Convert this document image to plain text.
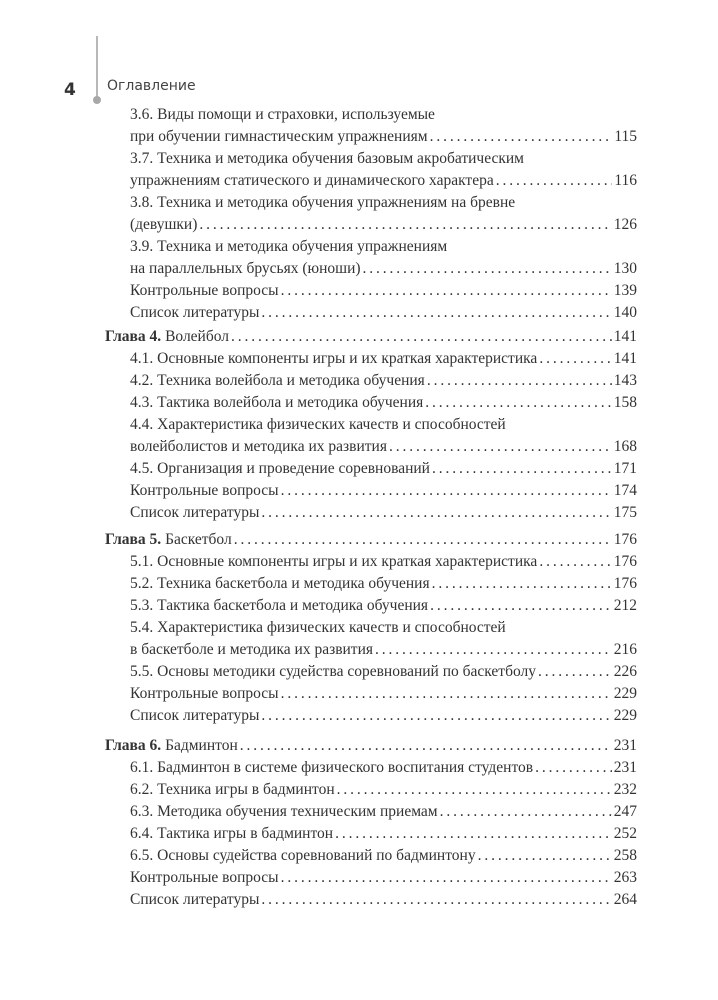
4 Оглавление
3.6. Виды помощи и страховки, используемые
при обучении гимнастическим упражнениям . . .	115
3.7. Техника и методика обучения базовым акробатическим
упражнениям статического и динамического характера . . .	116
3.8. Техника и методика обучения упражнениям на бревне
(девушки) . . .	126
3.9. Техника и методика обучения упражнениям
на параллельных брусьях (юноши) . . .	130
Контрольные вопросы . . .	139
Список литературы . . .	140
Глава 4. Волейбол . . .	141
4.1. Основные компоненты игры и их краткая характеристика . . .	141
4.2. Техника волейбола и методика обучения . . .	143
4.3. Тактика волейбола и методика обучения . . .	158
4.4. Характеристика физических качеств и способностей
волейболистов и методика их развития . . .	168
4.5. Организация и проведение соревнований . . .	171
Контрольные вопросы . . .	174
Список литературы . . .	175
Глава 5. Баскетбол . . .	176
5.1. Основные компоненты игры и их краткая характеристика . . .	176
5.2. Техника баскетбола и методика обучения . . .	176
5.3. Тактика баскетбола и методика обучения . . .	212
5.4. Характеристика физических качеств и способностей
в баскетболе и методика их развития . . .	216
5.5. Основы методики судейства соревнований по баскетболу . . .	226
Контрольные вопросы . . .	229
Список литературы . . .	229
Глава 6. Бадминтон . . .	231
6.1. Бадминтон в системе физического воспитания студентов . . .	231
6.2. Техника игры в бадминтон . . .	232
6.3. Методика обучения техническим приемам . . .	247
6.4. Тактика игры в бадминтон . . .	252
6.5. Основы судейства соревнований по бадминтону . . .	258
Контрольные вопросы . . .	263
Список литературы . . .	264
